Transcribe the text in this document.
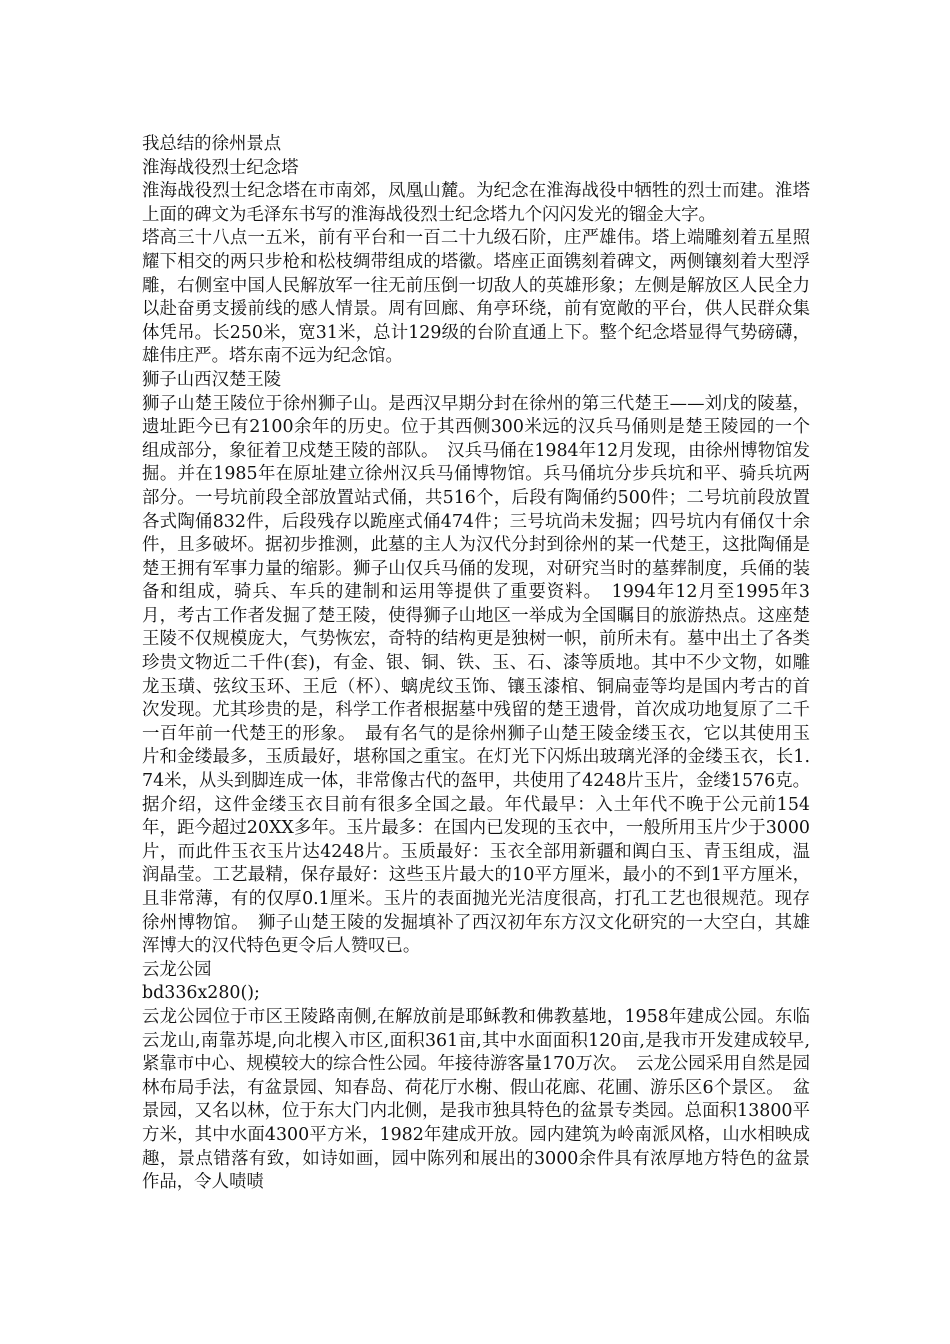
我总结的徐州景点

淮海战役烈士纪念塔

淮海战役烈士纪念塔在市南郊，凤凰山麓。为纪念在淮海战役中牺牲的烈士而建。淮塔上面的碑文为毛泽东书写的淮海战役烈士纪念塔九个闪闪发光的镏金大字。

塔高三十八点一五米，前有平台和一百二十九级石阶，庄严雄伟。塔上端雕刻着五星照耀下相交的两只步枪和松枝绸带组成的塔徽。塔座正面镌刻着碑文，两侧镶刻着大型浮雕，右侧室中国人民解放军一往无前压倒一切敌人的英雄形象；左侧是解放区人民全力以赴奋勇支援前线的感人情景。周有回廊、角亭环绕，前有宽敞的平台，供人民群众集体凭吊。长250米，宽31米，总计129级的台阶直通上下。整个纪念塔显得气势磅礴，雄伟庄严。塔东南不远为纪念馆。

狮子山西汉楚王陵

狮子山楚王陵位于徐州狮子山。是西汉早期分封在徐州的第三代楚王——刘戊的陵墓，遗址距今已有2100余年的历史。位于其西侧300米远的汉兵马俑则是楚王陵园的一个组成部分，象征着卫戍楚王陵的部队。　汉兵马俑在1984年12月发现，由徐州博物馆发掘。并在1985年在原址建立徐州汉兵马俑博物馆。兵马俑坑分步兵坑和平、骑兵坑两部分。一号坑前段全部放置站式俑，共516个，后段有陶俑约500件；二号坑前段放置各式陶俑832件，后段残存以跪座式俑474件；三号坑尚未发掘；四号坑内有俑仅十余件，且多破坏。据初步推测，此墓的主人为汉代分封到徐州的某一代楚王，这批陶俑是楚王拥有军事力量的缩影。狮子山仅兵马俑的发现，对研究当时的墓葬制度，兵俑的装备和组成，骑兵、车兵的建制和运用等提供了重要资料。　1994年12月至1995年3月，考古工作者发掘了楚王陵，使得狮子山地区一举成为全国瞩目的旅游热点。这座楚王陵不仅规模庞大，气势恢宏，奇特的结构更是独树一帜，前所未有。墓中出土了各类珍贵文物近二千件(套)，有金、银、铜、铁、玉、石、漆等质地。其中不少文物，如雕龙玉璜、弦纹玉环、王卮（杯）、螭虎纹玉饰、镶玉漆棺、铜扁壶等均是国内考古的首次发现。尤其珍贵的是，科学工作者根据墓中残留的楚王遗骨，首次成功地复原了二千一百年前一代楚王的形象。　最有名气的是徐州狮子山楚王陵金缕玉衣，它以其使用玉片和金缕最多，玉质最好，堪称国之重宝。在灯光下闪烁出玻璃光泽的金缕玉衣，长1.74米，从头到脚连成一体，非常像古代的盔甲，共使用了4248片玉片，金缕1576克。据介绍，这件金缕玉衣目前有很多全国之最。年代最早：入土年代不晚于公元前154年，距今超过20XX多年。玉片最多：在国内已发现的玉衣中，一般所用玉片少于3000片，而此件玉衣玉片达4248片。玉质最好：玉衣全部用新疆和阗白玉、青玉组成，温润晶莹。工艺最精，保存最好：这些玉片最大的10平方厘米，最小的不到1平方厘米，且非常薄，有的仅厚0.1厘米。玉片的表面抛光光洁度很高，打孔工艺也很规范。现存徐州博物馆。　狮子山楚王陵的发掘填补了西汉初年东方汉文化研究的一大空白，其雄浑博大的汉代特色更令后人赞叹已。

云龙公园

bd336x280();

云龙公园位于市区王陵路南侧,在解放前是耶稣教和佛教墓地，1958年建成公园。东临云龙山,南靠苏堤,向北楔入市区,面积361亩,其中水面面积120亩,是我市开发建成较早,紧靠市中心、规模较大的综合性公园。年接待游客量170万次。　云龙公园采用自然是园林布局手法，有盆景园、知春岛、荷花厅水榭、假山花廊、花圃、游乐区6个景区。　盆景园，又名以林，位于东大门内北侧，是我市独具特色的盆景专类园。总面积13800平方米，其中水面4300平方米，1982年建成开放。园内建筑为岭南派风格，山水相映成趣，景点错落有致，如诗如画，园中陈列和展出的3000余件具有浓厚地方特色的盆景作品，令人啧啧
